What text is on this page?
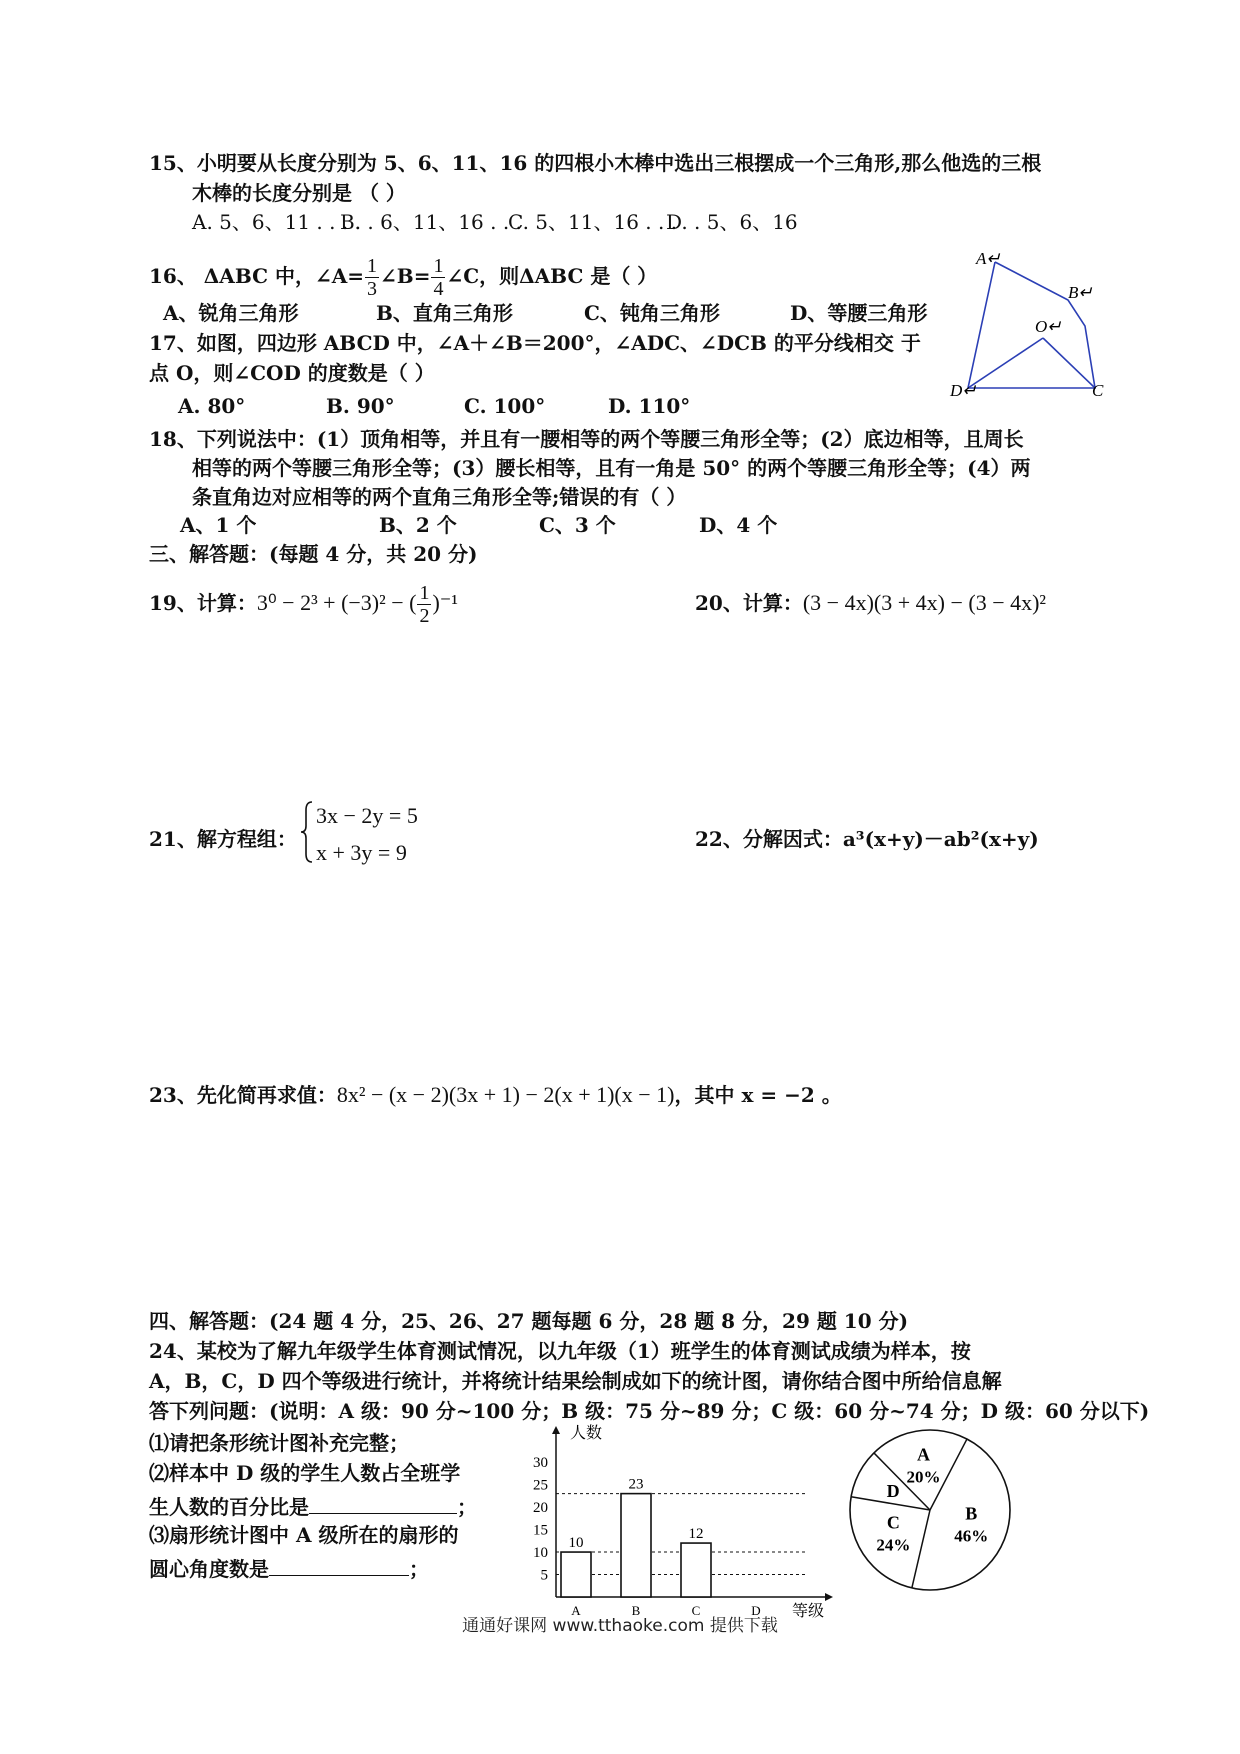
15、小明要从长度分别为 5、6、11、16 的四根小木棒中选出三根摆成一个三角形,那么他选的三根
木棒的长度分别是 （ ）
A. 5、6、11 . . . .B. . 6、11、16 . . .C. 5、11、16 . . .D. . 5、6、16
16、 ΔABC 中，∠A= $\frac{1}{3}$ ∠B= $\frac{1}{4}$ ∠C，则ΔABC 是（ ）
A、锐角三角形	B、直角三角形	C、钝角三角形	D、等腰三角形
17、如图，四边形 ABCD 中，∠A＋∠B＝200°，∠ADC、∠DCB 的平分线相交 于
点 O，则∠COD 的度数是（ ）
A. 80°	B. 90°	C. 100°	D. 110°
A↵
B↵
O↵
D↵	C
18、下列说法中：(1）顶角相等，并且有一腰相等的两个等腰三角形全等；(2）底边相等，且周长
相等的两个等腰三角形全等；(3）腰长相等，且有一角是 50° 的两个等腰三角形全等；(4）两
条直角边对应相等的两个直角三角形全等;错误的有（ ）
A、1 个	B、2 个	C、3 个	D、4 个
三、解答题：(每题 4 分，共 20 分)
19、计算：3⁰ − 2³ + (−3)² − ( $\frac{1}{2} )^{-1}$	20、计算：(3 − 4x)(3 + 4x) − (3 − 4x)²
21、解方程组：
3x − 2y = 5
x + 3y = 9
22、分解因式：a³(x+y)－ab²(x+y)
23、先化简再求值：8x² − (x − 2)(3x + 1) − 2(x + 1)(x − 1)，其中 x = −2 。
四、解答题：(24 题 4 分，25、26、27 题每题 6 分，28 题 8 分，29 题 10 分)
24、某校为了解九年级学生体育测试情况，以九年级（1）班学生的体育测试成绩为样本，按
A，B，C，D 四个等级进行统计，并将统计结果绘制成如下的统计图，请你结合图中所给信息解
答下列问题：(说明：A 级：90 分~100 分；B 级：75 分~89 分；C 级：60 分~74 分；D 级：60 分以下)
⑴请把条形统计图补充完整；
⑵样本中 D 级的学生人数占全班学
生人数的百分比是	；
⑶扇形统计图中 A 级所在的扇形的
圆心角度数是	；
人数
等级
5
10
15
20
25
30
10
A
23
B
12
C	D
B
46%
C
24%
D
A
20%
通通好课网 www.tthaoke.com 提供下载
